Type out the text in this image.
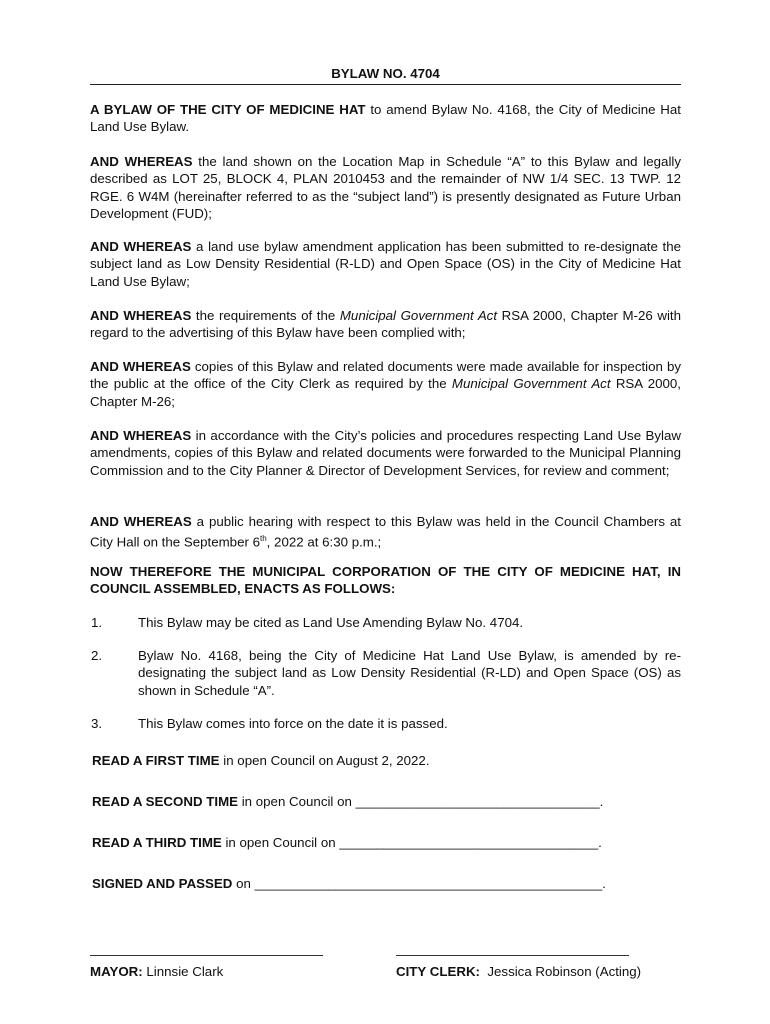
BYLAW NO. 4704
A BYLAW OF THE CITY OF MEDICINE HAT to amend Bylaw No. 4168, the City of Medicine Hat Land Use Bylaw.
AND WHEREAS the land shown on the Location Map in Schedule “A” to this Bylaw and legally described as LOT 25, BLOCK 4, PLAN 2010453 and the remainder of NW 1/4 SEC. 13 TWP. 12 RGE. 6 W4M (hereinafter referred to as the “subject land”) is presently designated as Future Urban Development (FUD);
AND WHEREAS a land use bylaw amendment application has been submitted to re-designate the subject land as Low Density Residential (R-LD) and Open Space (OS) in the City of Medicine Hat Land Use Bylaw;
AND WHEREAS the requirements of the Municipal Government Act RSA 2000, Chapter M-26 with regard to the advertising of this Bylaw have been complied with;
AND WHEREAS copies of this Bylaw and related documents were made available for inspection by the public at the office of the City Clerk as required by the Municipal Government Act RSA 2000, Chapter M-26;
AND WHEREAS in accordance with the City’s policies and procedures respecting Land Use Bylaw amendments, copies of this Bylaw and related documents were forwarded to the Municipal Planning Commission and to the City Planner & Director of Development Services, for review and comment;
AND WHEREAS a public hearing with respect to this Bylaw was held in the Council Chambers at City Hall on the September 6th, 2022 at 6:30 p.m.;
NOW THEREFORE THE MUNICIPAL CORPORATION OF THE CITY OF MEDICINE HAT, IN COUNCIL ASSEMBLED, ENACTS AS FOLLOWS:
1.	This Bylaw may be cited as Land Use Amending Bylaw No. 4704.
2.	Bylaw No. 4168, being the City of Medicine Hat Land Use Bylaw, is amended by re-designating the subject land as Low Density Residential (R-LD) and Open Space (OS) as shown in Schedule “A”.
3.	This Bylaw comes into force on the date it is passed.
READ A FIRST TIME in open Council on August 2, 2022.
READ A SECOND TIME in open Council on _________________________________.
READ A THIRD TIME in open Council on ___________________________________.
SIGNED AND PASSED on _______________________________________________.
MAYOR: Linnsie Clark	CITY CLERK: Jessica Robinson (Acting)
